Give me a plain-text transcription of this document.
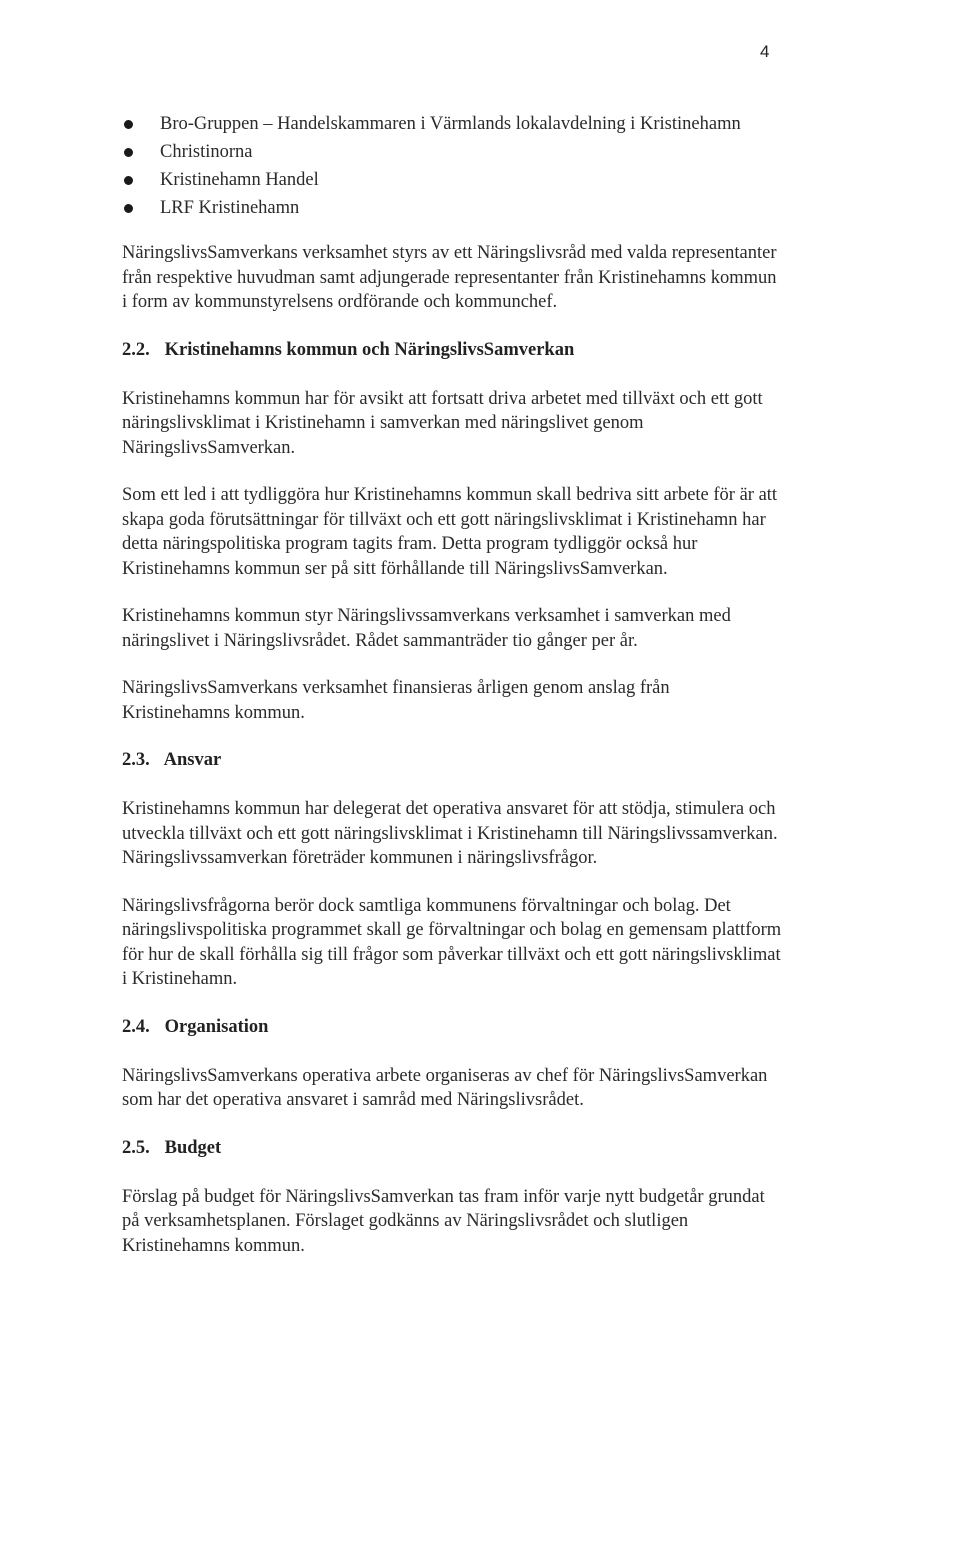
4
Bro-Gruppen – Handelskammaren i Värmlands lokalavdelning i Kristinehamn
Christinorna
Kristinehamn Handel
LRF Kristinehamn

NäringslivsSamverkans verksamhet styrs av ett Näringslivsråd med valda representanter från respektive huvudman samt adjungerade representanter från Kristinehamns kommun i form av kommunstyrelsens ordförande och kommunchef.

2.2. Kristinehamns kommun och NäringslivsSamverkan

Kristinehamns kommun har för avsikt att fortsatt driva arbetet med tillväxt och ett gott näringslivsklimat i Kristinehamn i samverkan med näringslivet genom NäringslivsSamverkan.

Som ett led i att tydliggöra hur Kristinehamns kommun skall bedriva sitt arbete för är att skapa goda förutsättningar för tillväxt och ett gott näringslivsklimat i Kristinehamn har detta näringspolitiska program tagits fram. Detta program tydliggör också hur Kristinehamns kommun ser på sitt förhållande till NäringslivsSamverkan.

Kristinehamns kommun styr Näringslivssamverkans verksamhet i samverkan med näringslivet i Näringslivsrådet. Rådet sammanträder tio gånger per år.

NäringslivsSamverkans verksamhet finansieras årligen genom anslag från Kristinehamns kommun.

2.3. Ansvar

Kristinehamns kommun har delegerat det operativa ansvaret för att stödja, stimulera och utveckla tillväxt och ett gott näringslivsklimat i Kristinehamn till Näringslivssamverkan. Näringslivssamverkan företräder kommunen i näringslivsfrågor.

Näringslivsfrågorna berör dock samtliga kommunens förvaltningar och bolag. Det näringslivspolitiska programmet skall ge förvaltningar och bolag en gemensam plattform för hur de skall förhålla sig till frågor som påverkar tillväxt och ett gott näringslivsklimat i Kristinehamn.

2.4. Organisation

NäringslivsSamverkans operativa arbete organiseras av chef för NäringslivsSamverkan som har det operativa ansvaret i samråd med Näringslivsrådet.

2.5. Budget

Förslag på budget för NäringslivsSamverkan tas fram inför varje nytt budgetår grundat på verksamhetsplanen. Förslaget godkänns av Näringslivsrådet och slutligen Kristinehamns kommun.
